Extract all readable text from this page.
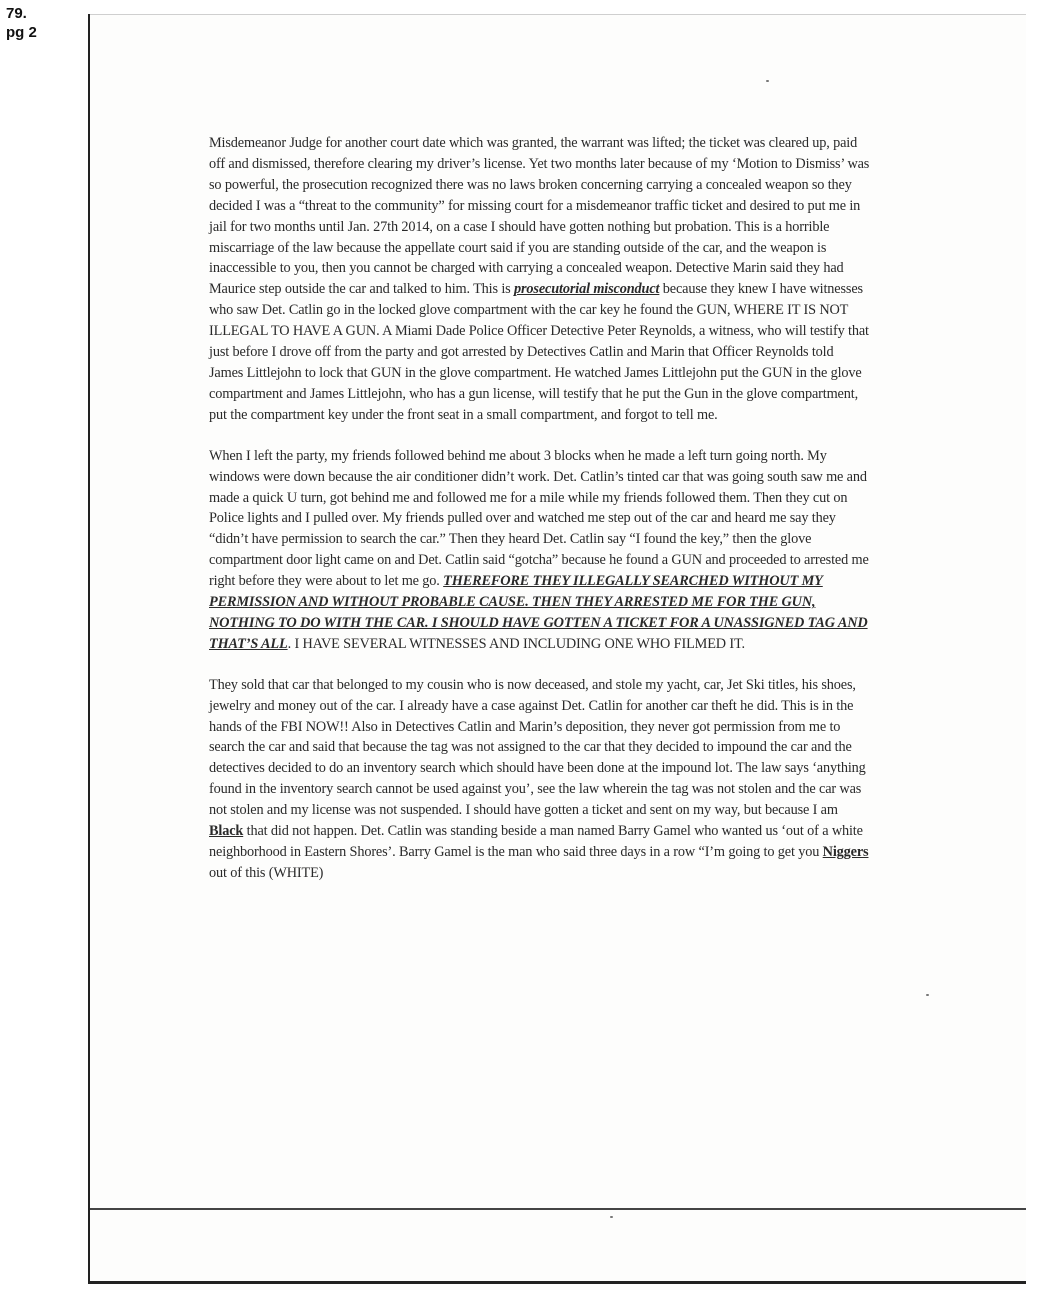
79.
pg 2

Misdemeanor Judge for another court date which was granted, the warrant was lifted; the ticket was cleared up, paid off and dismissed, therefore clearing my driver’s license. Yet two months later because of my ‘Motion to Dismiss’ was so powerful, the prosecution recognized there was no laws broken concerning carrying a concealed weapon so they decided I was a “threat to the community” for missing court for a misdemeanor traffic ticket and desired to put me in jail for two months until Jan. 27th 2014, on a case I should have gotten nothing but probation. This is a horrible miscarriage of the law because the appellate court said if you are standing outside of the car, and the weapon is inaccessible to you, then you cannot be charged with carrying a concealed weapon. Detective Marin said they had Maurice step outside the car and talked to him. This is prosecutorial misconduct because they knew I have witnesses who saw Det. Catlin go in the locked glove compartment with the car key he found the GUN, WHERE IT IS NOT ILLEGAL TO HAVE A GUN. A Miami Dade Police Officer Detective Peter Reynolds, a witness, who will testify that just before I drove off from the party and got arrested by Detectives Catlin and Marin that Officer Reynolds told James Littlejohn to lock that GUN in the glove compartment. He watched James Littlejohn put the GUN in the glove compartment and James Littlejohn, who has a gun license, will testify that he put the Gun in the glove compartment, put the compartment key under the front seat in a small compartment, and forgot to tell me.

When I left the party, my friends followed behind me about 3 blocks when he made a left turn going north. My windows were down because the air conditioner didn’t work. Det. Catlin’s tinted car that was going south saw me and made a quick U turn, got behind me and followed me for a mile while my friends followed them. Then they cut on Police lights and I pulled over. My friends pulled over and watched me step out of the car and heard me say they “didn’t have permission to search the car.” Then they heard Det. Catlin say “I found the key,” then the glove compartment door light came on and Det. Catlin said “gotcha” because he found a GUN and proceeded to arrested me right before they were about to let me go. THEREFORE THEY ILLEGALLY SEARCHED WITHOUT MY PERMISSION AND WITHOUT PROBABLE CAUSE. THEN THEY ARRESTED ME FOR THE GUN, NOTHING TO DO WITH THE CAR. I SHOULD HAVE GOTTEN A TICKET FOR A UNASSIGNED TAG AND THAT’S ALL. I HAVE SEVERAL WITNESSES AND INCLUDING ONE WHO FILMED IT.

They sold that car that belonged to my cousin who is now deceased, and stole my yacht, car, Jet Ski titles, his shoes, jewelry and money out of the car. I already have a case against Det. Catlin for another car theft he did. This is in the hands of the FBI NOW!! Also in Detectives Catlin and Marin’s deposition, they never got permission from me to search the car and said that because the tag was not assigned to the car that they decided to impound the car and the detectives decided to do an inventory search which should have been done at the impound lot. The law says ‘anything found in the inventory search cannot be used against you’, see the law wherein the tag was not stolen and the car was not stolen and my license was not suspended. I should have gotten a ticket and sent on my way, but because I am Black that did not happen. Det. Catlin was standing beside a man named Barry Gamel who wanted us ‘out of a white neighborhood in Eastern Shores’. Barry Gamel is the man who said three days in a row “I’m going to get you Niggers out of this (WHITE)
